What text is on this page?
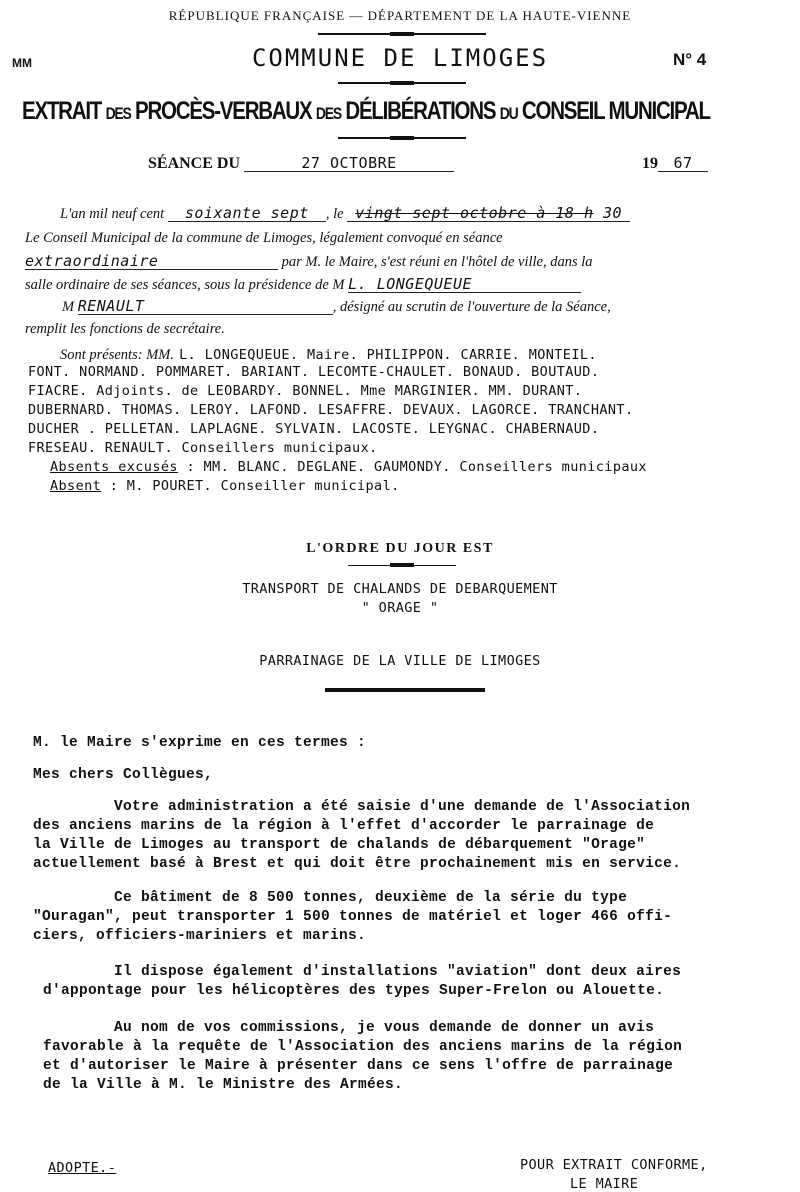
RÉPUBLIQUE FRANÇAISE — DÉPARTEMENT DE LA HAUTE-VIENNE
MM	COMMUNE DE LIMOGES	N° 4
EXTRAIT DES PROCÈS-VERBAUX DES DÉLIBÉRATIONS DU CONSEIL MUNICIPAL
SÉANCE DU	27 OCTOBRE	19 67
L'an mil neuf cent soixante sept , le vingt sept octobre à 18 h 30
Le Conseil Municipal de la commune de Limoges, légalement convoqué en séance
extraordinaire	par M. le Maire, s'est réuni en l'hôtel de ville, dans la
salle ordinaire de ses séances, sous la présidence de M L. LONGEQUEUE
M RENAULT	, désigné au scrutin de l'ouverture de la Séance,
remplit les fonctions de secrétaire.
Sont présents: MM. L. LONGEQUEUE. Maire. PHILIPPON. CARRIE. MONTEIL.
FONT. NORMAND. POMMARET. BARIANT. LECOMTE-CHAULET. BONAUD. BOUTAUD.
FIACRE. Adjoints. de LEOBARDY. BONNEL. Mme MARGINIER. MM. DURANT.
DUBERNARD. THOMAS. LEROY. LAFOND. LESAFFRE. DEVAUX. LAGORCE. TRANCHANT.
DUCHER . PELLETAN. LAPLAGNE. SYLVAIN. LACOSTE. LEYGNAC. CHABERNAUD.
FRESEAU. RENAULT. Conseillers municipaux.
Absents excusés : MM. BLANC. DEGLANE. GAUMONDY. Conseillers municipaux
Absent : M. POURET. Conseiller municipal.
L'ORDRE DU JOUR EST
TRANSPORT DE CHALANDS DE DEBARQUEMENT
" ORAGE "
PARRAINAGE DE LA VILLE DE LIMOGES
M. le Maire s'exprime en ces termes :
Mes chers Collègues,
Votre administration a été saisie d'une demande de l'Association
des anciens marins de la région à l'effet d'accorder le parrainage de
la Ville de Limoges au transport de chalands de débarquement "Orage"
actuellement basé à Brest et qui doit être prochainement mis en service.
Ce bâtiment de 8 500 tonnes, deuxième de la série du type
"Ouragan", peut transporter 1 500 tonnes de matériel et loger 466 offi-
ciers, officiers-mariniers et marins.
Il dispose également d'installations "aviation" dont deux aires
d'appontage pour les hélicoptères des types Super-Frelon ou Alouette.
Au nom de vos commissions, je vous demande de donner un avis
favorable à la requête de l'Association des anciens marins de la région
et d'autoriser le Maire à présenter dans ce sens l'offre de parrainage
de la Ville à M. le Ministre des Armées.
ADOPTE.-	POUR EXTRAIT CONFORME,
LE MAIRE
